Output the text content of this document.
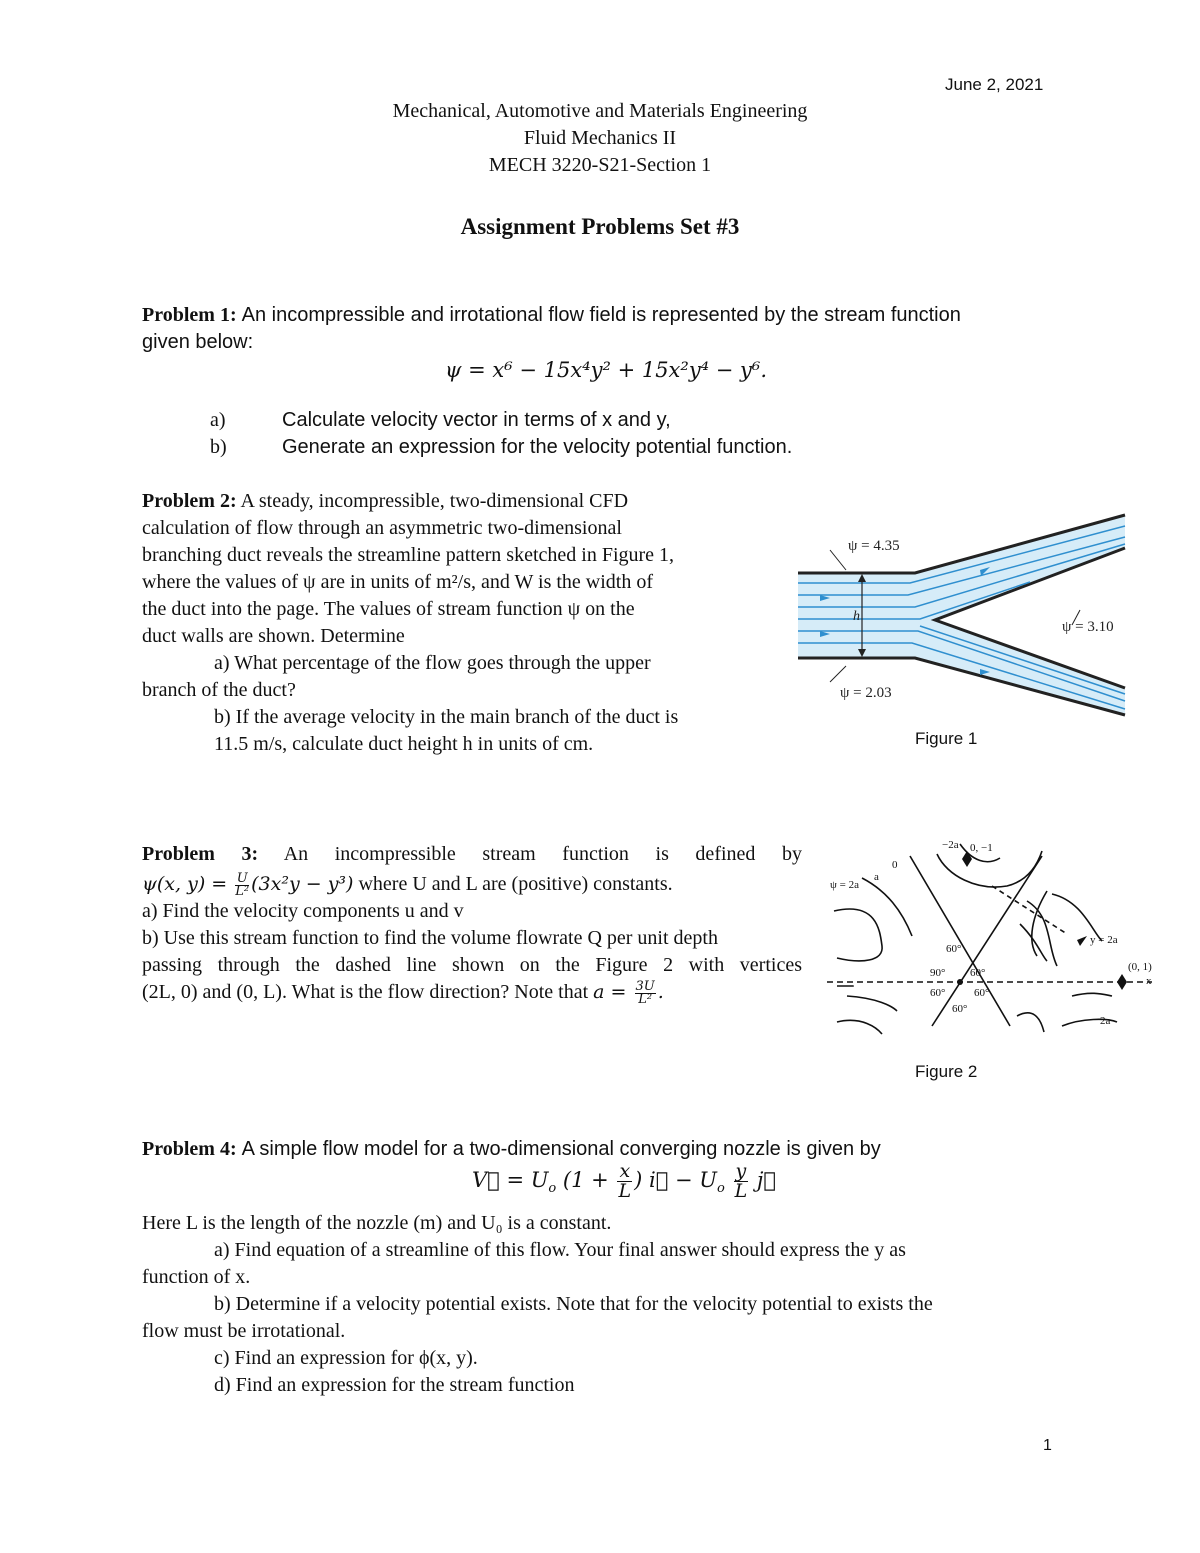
June 2, 2021
Mechanical, Automotive and Materials Engineering
Fluid Mechanics II
MECH 3220-S21-Section 1
Assignment Problems Set #3
Problem 1: An incompressible and irrotational flow field is represented by the stream function
given below:
ψ = x⁶ − 15x⁴y² + 15x²y⁴ − y⁶.
a)	Calculate velocity vector in terms of x and y,
b)	Generate an expression for the velocity potential function.
Problem 2: A steady, incompressible, two-dimensional CFD
calculation of flow through an asymmetric two-dimensional
branching duct reveals the streamline pattern sketched in Figure 1,
where the values of ψ are in units of m²/s, and W is the width of
the duct into the page. The values of stream function ψ on the
duct walls are shown. Determine
a) What percentage of the flow goes through the upper
branch of the duct?
b) If the average velocity in the main branch of the duct is
11.5 m/s, calculate duct height h in units of cm.
h
ψ = 4.35
ψ = 3.10
ψ = 2.03
Figure 1
Problem 3: An incompressible stream function is defined by
ψ(x, $y) = \frac{U}{\text{L²}} (3x^2y - y^3)$ where U and L are (positive) constants.
a) Find the velocity components u and v
b) Use this stream function to find the volume flowrate Q per unit depth
passing through the dashed line shown on the Figure 2 with vertices
(2L, 0) and (0, L). What is the flow direction? Note that $a = \frac{3U}{\text{L²}}$ .
ψ = 2a
−2a 0, −1
0
a
y = 2a
(0, 1)
x
2a
90° 60°
60°	60°
60°
60°
Figure 2
Problem 4: A simple flow model for a two-dimensional converging nozzle is given by
V⃗ = $U_o$ ($1 + \frac{x}{L}$ ) i⃗ − $U_o \frac{y}{L}$ j⃗
Here L is the length of the nozzle (m) and U₀ is a constant.
a) Find equation of a streamline of this flow. Your final answer should express the y as
function of x.
b) Determine if a velocity potential exists. Note that for the velocity potential to exists the
flow must be irrotational.
c) Find an expression for ϕ(x, y).
d) Find an expression for the stream function
1
